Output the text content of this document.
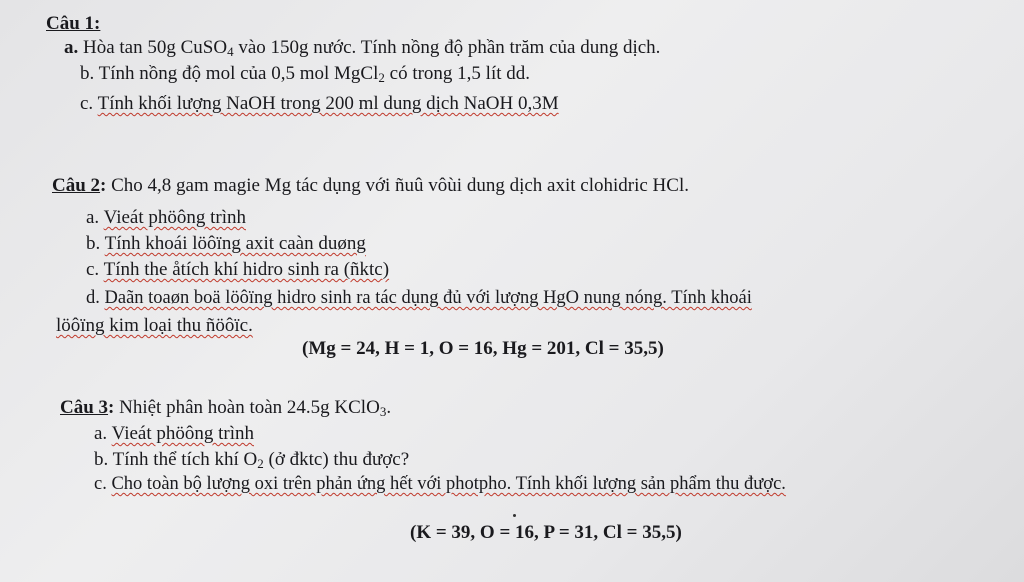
Câu 1:
a. Hòa tan 50g CuSO$_4$ vào 150g nước. Tính nồng độ phần trăm của dung dịch.
b. Tính nồng độ mol của 0,5 mol MgCl$_2$ có trong 1,5 lít dd.
c. Tính khối lượng NaOH trong 200 ml dung dịch NaOH 0,3M
Câu 2: Cho 4,8 gam magie Mg tác dụng với ñuû vôùi dung dịch axit clohidric HCl.
a. Vieát phöông trình
b. Tính khoái löôïng axit caàn duøng
c. Tính the åtích khí hidro sinh ra (ñktc)
d. Daãn toaøn boä löôïng hidro sinh ra tác dụng đủ với lượng HgO nung nóng. Tính khoái
löôïng kim loại thu ñöôïc.
(Mg = 24, H = 1, O = 16, Hg = 201, Cl = 35,5)
Câu 3: Nhiệt phân hoàn toàn 24.5g KClO$_3$.
a. Vieát phöông trình
b. Tính thể tích khí $O_2$ (ở đktc) thu được?
c. Cho toàn bộ lượng oxi trên phản ứng hết với photpho. Tính khối lượng sản phẩm thu được.
(K = 39, O = 16, P = 31, Cl = 35,5)
